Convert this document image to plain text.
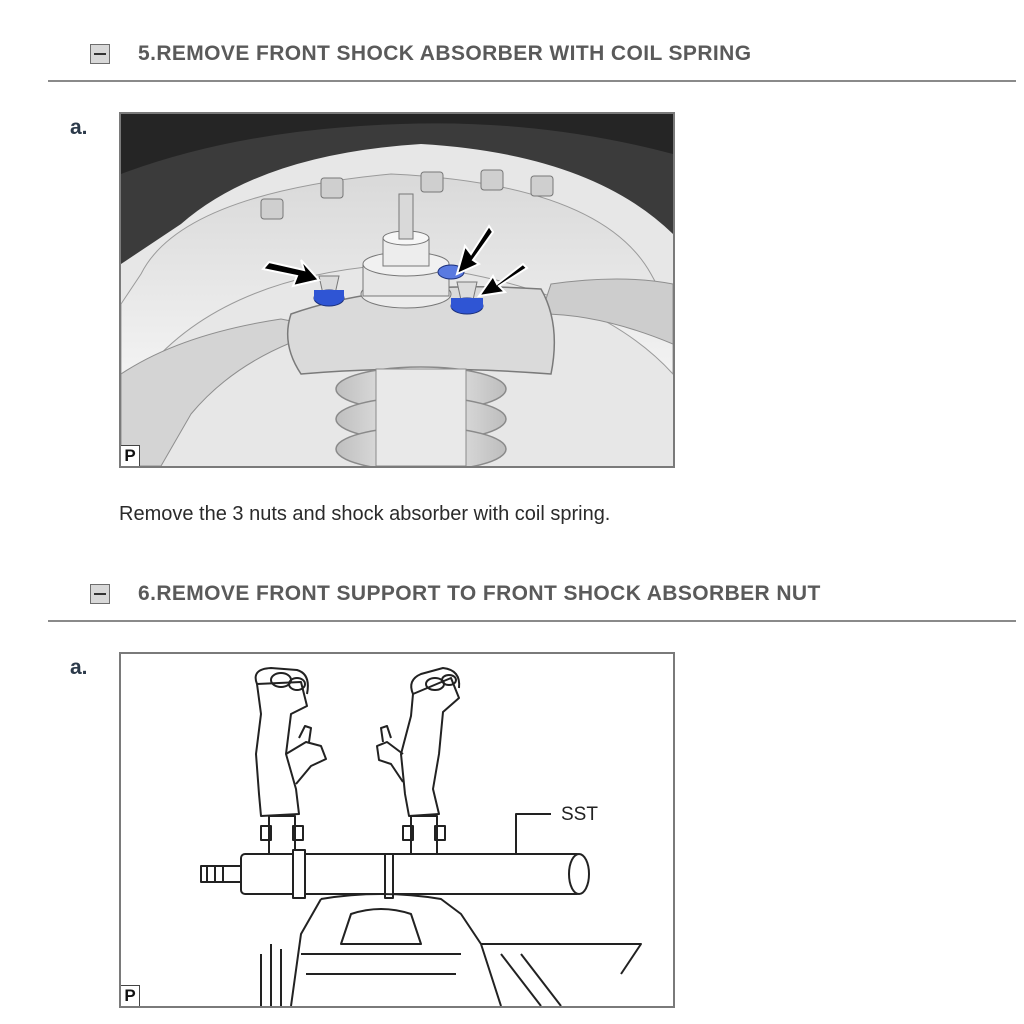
5.REMOVE FRONT SHOCK ABSORBER WITH COIL SPRING
a.
P
Remove the 3 nuts and shock absorber with coil spring.
6.REMOVE FRONT SUPPORT TO FRONT SHOCK ABSORBER NUT
a.
SST
P
